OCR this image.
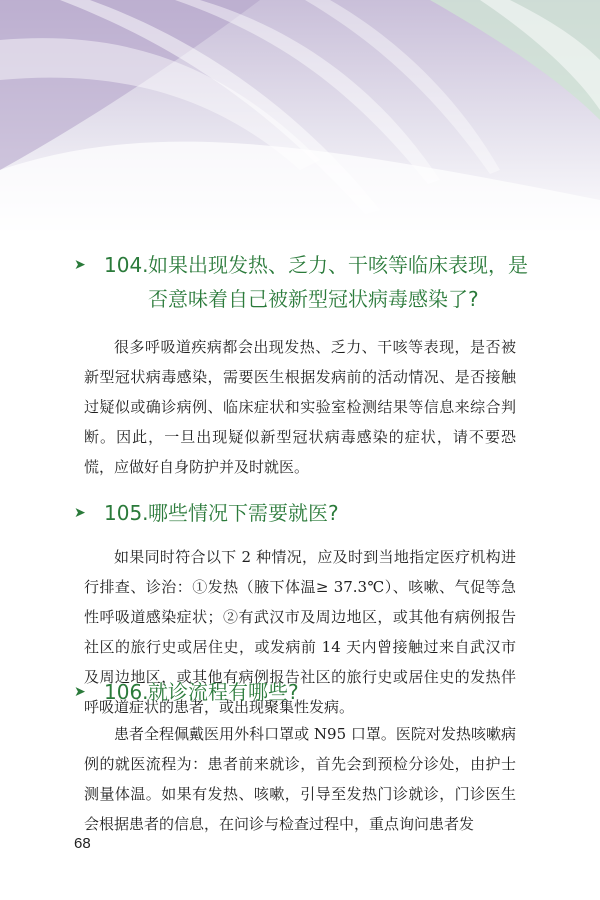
➤ 104. 如果出现发热、乏力、干咳等临床表现，是否意味着自己被新型冠状病毒感染了?

很多呼吸道疾病都会出现发热、乏力、干咳等表现，是否被新型冠状病毒感染，需要医生根据发病前的活动情况、是否接触过疑似或确诊病例、临床症状和实验室检测结果等信息来综合判断。因此，一旦出现疑似新型冠状病毒感染的症状，请不要恐慌，应做好自身防护并及时就医。

➤ 105. 哪些情况下需要就医?

如果同时符合以下 2 种情况，应及时到当地指定医疗机构进行排查、诊治：①发热（腋下体温≥ 37.3℃）、咳嗽、气促等急性呼吸道感染症状；②有武汉市及周边地区，或其他有病例报告社区的旅行史或居住史，或发病前 14 天内曾接触过来自武汉市及周边地区，或其他有病例报告社区的旅行史或居住史的发热伴呼吸道症状的患者，或出现聚集性发病。

➤ 106. 就诊流程有哪些?

患者全程佩戴医用外科口罩或 N95 口罩。医院对发热咳嗽病例的就医流程为：患者前来就诊，首先会到预检分诊处，由护士测量体温。如果有发热、咳嗽，引导至发热门诊就诊，门诊医生会根据患者的信息，在问诊与检查过程中，重点询问患者发

68
